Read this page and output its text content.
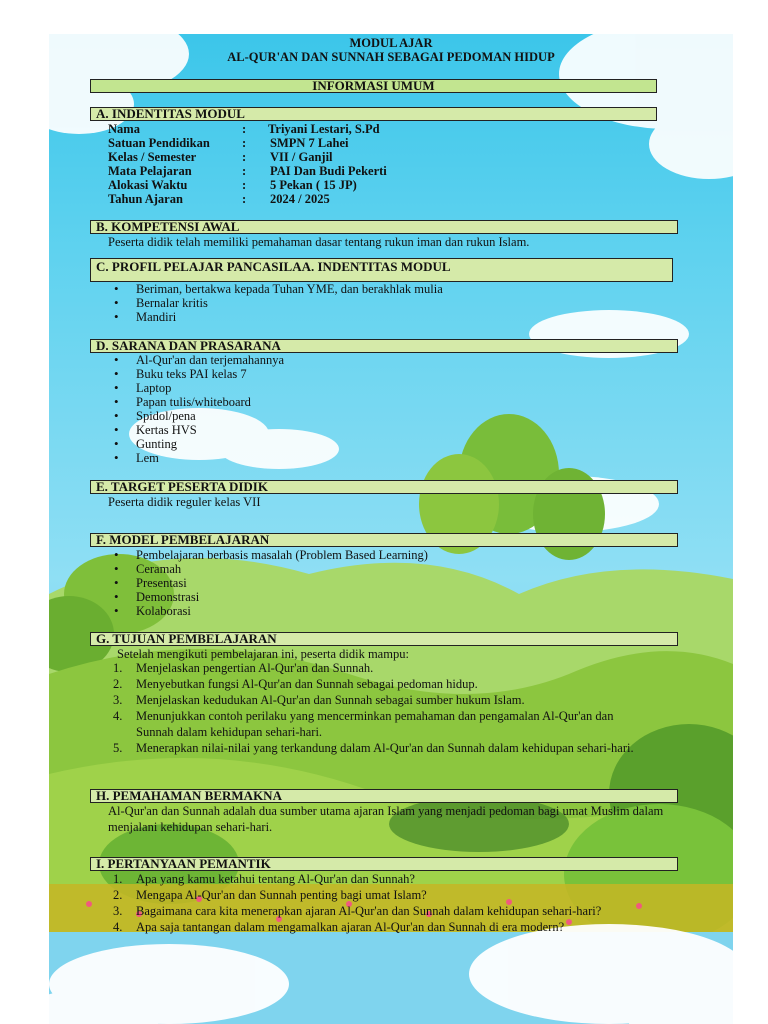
MODUL AJAR
AL-QUR'AN DAN SUNNAH SEBAGAI PEDOMAN HIDUP
INFORMASI UMUM
A. INDENTITAS MODUL
Nama	: Triyani Lestari, S.Pd
Satuan Pendidikan	: SMPN 7 Lahei
Kelas / Semester	: VII / Ganjil
Mata Pelajaran	: PAI Dan Budi Pekerti
Alokasi Waktu	: 5 Pekan ( 15 JP)
Tahun Ajaran	: 2024 / 2025
B. KOMPETENSI AWAL
Peserta didik telah memiliki pemahaman dasar tentang rukun iman dan rukun Islam.
C. PROFIL PELAJAR PANCASILAA. INDENTITAS MODUL
• Beriman, bertakwa kepada Tuhan YME, dan berakhlak mulia
• Bernalar kritis
• Mandiri
D. SARANA DAN PRASARANA
• Al-Qur'an dan terjemahannya
• Buku teks PAI kelas 7
• Laptop
• Papan tulis/whiteboard
• Spidol/pena
• Kertas HVS
• Gunting
• Lem
E. TARGET PESERTA DIDIK
Peserta didik reguler kelas VII
F. MODEL PEMBELAJARAN
• Pembelajaran berbasis masalah (Problem Based Learning)
• Ceramah
• Presentasi
• Demonstrasi
• Kolaborasi
G. TUJUAN PEMBELAJARAN
Setelah mengikuti pembelajaran ini, peserta didik mampu:
1. Menjelaskan pengertian Al-Qur'an dan Sunnah.
2. Menyebutkan fungsi Al-Qur'an dan Sunnah sebagai pedoman hidup.
3. Menjelaskan kedudukan Al-Qur'an dan Sunnah sebagai sumber hukum Islam.
4. Menunjukkan contoh perilaku yang mencerminkan pemahaman dan pengamalan Al-Qur'an dan Sunnah dalam kehidupan sehari-hari.
5. Menerapkan nilai-nilai yang terkandung dalam Al-Qur'an dan Sunnah dalam kehidupan sehari-hari.
H. PEMAHAMAN BERMAKNA
Al-Qur'an dan Sunnah adalah dua sumber utama ajaran Islam yang menjadi pedoman bagi umat Muslim dalam menjalani kehidupan sehari-hari.
I. PERTANYAAN PEMANTIK
1. Apa yang kamu ketahui tentang Al-Qur'an dan Sunnah?
2. Mengapa Al-Qur'an dan Sunnah penting bagi umat Islam?
3. Bagaimana cara kita menerapkan ajaran Al-Qur'an dan Sunnah dalam kehidupan sehari-hari?
4. Apa saja tantangan dalam mengamalkan ajaran Al-Qur'an dan Sunnah di era modern?
